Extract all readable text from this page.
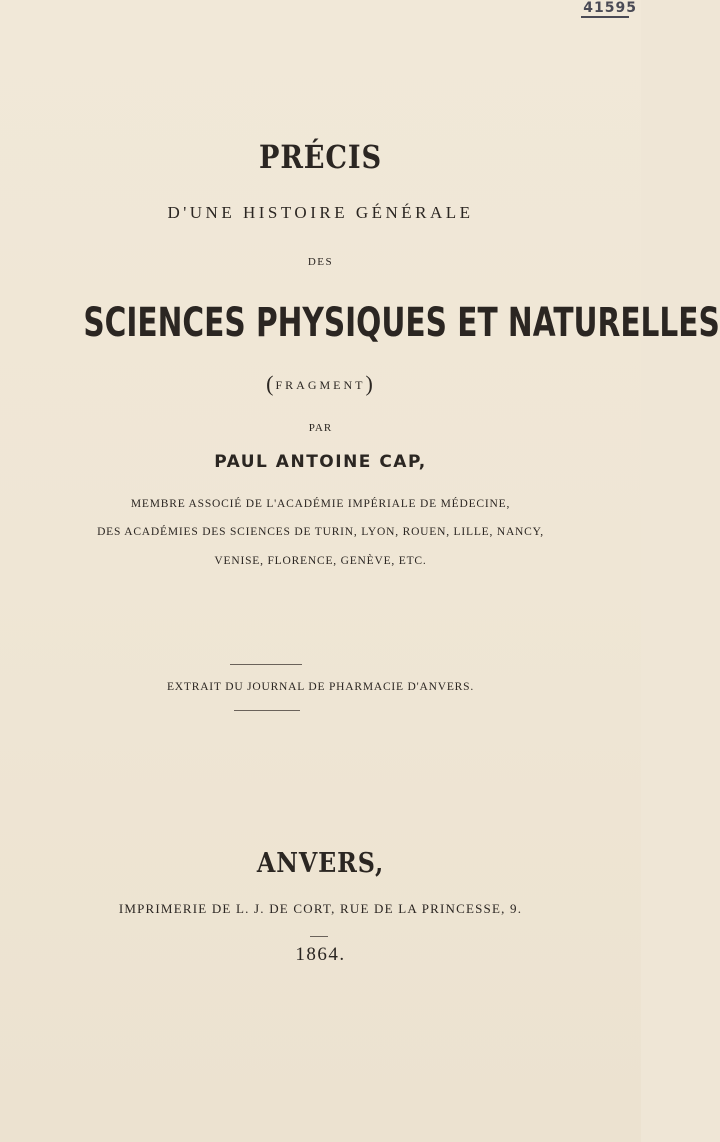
41595
PRÉCIS
D'UNE HISTOIRE GÉNÉRALE
DES
SCIENCES PHYSIQUES ET NATURELLES
(FRAGMENT)
PAR
PAUL ANTOINE CAP,
MEMBRE ASSOCIÉ DE L'ACADÉMIE IMPÉRIALE DE MÉDECINE,
DES ACADÉMIES DES SCIENCES DE TURIN, LYON, ROUEN, LILLE, NANCY,
VENISE, FLORENCE, GENÈVE, ETC.
EXTRAIT DU JOURNAL DE PHARMACIE D'ANVERS.
ANVERS,
IMPRIMERIE DE L. J. DE CORT, RUE DE LA PRINCESSE, 9.
1864.
